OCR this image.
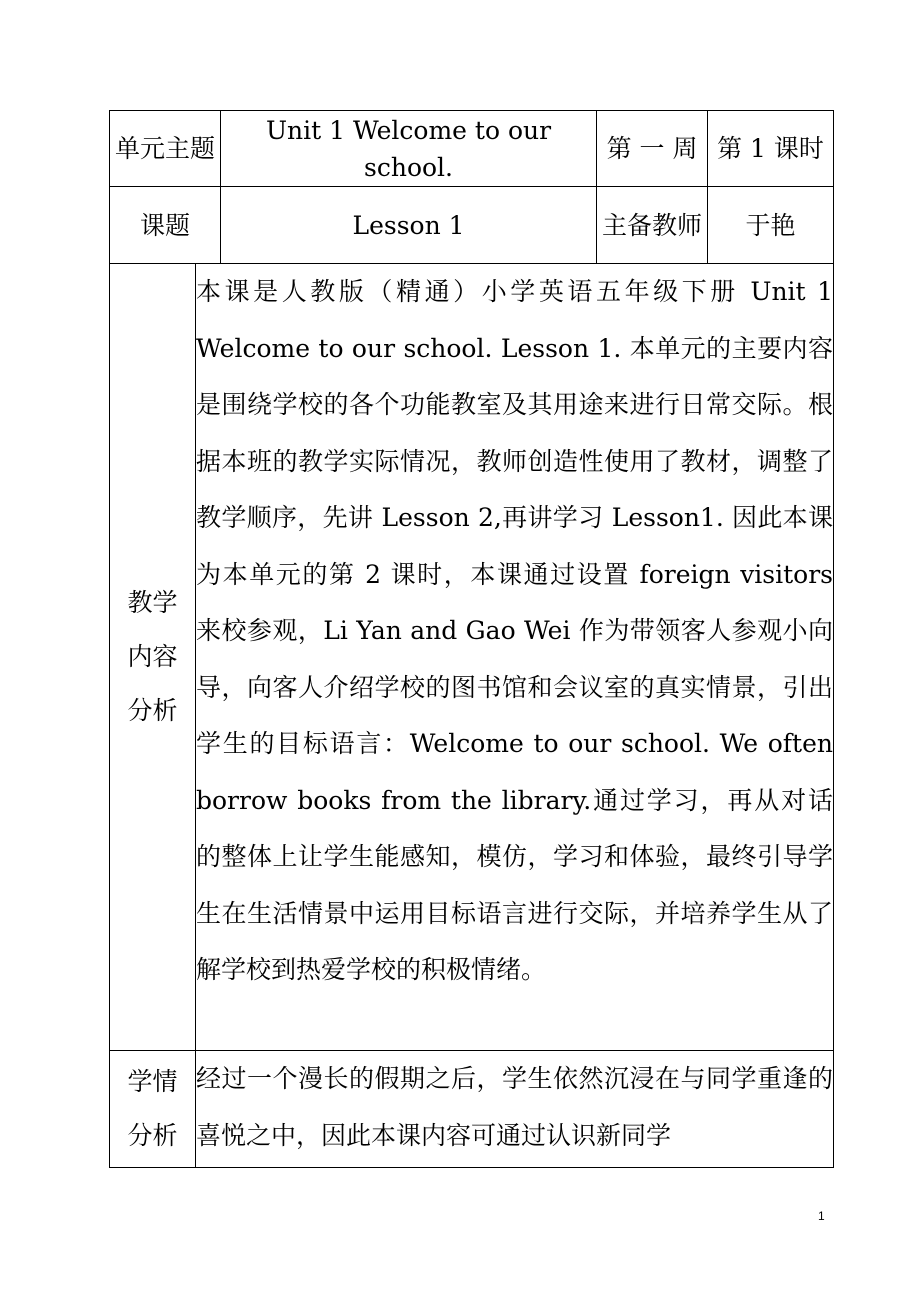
单元主题		Unit 1 Welcome to our school.	第 一 周	第 1 课时
课题		Lesson 1	主备教师	于艳
教学内容分析	本课是人教版（精通）小学英语五年级下册 Unit 1 Welcome to our school. Lesson 1. 本单元的主要内容是围绕学校的各个功能教室及其用途来进行日常交际。根据本班的教学实际情况，教师创造性使用了教材，调整了教学顺序，先讲 Lesson 2,再讲学习 Lesson1. 因此本课为本单元的第 2 课时，本课通过设置 foreign visitors 来校参观，Li Yan and Gao Wei 作为带领客人参观小向导，向客人介绍学校的图书馆和会议室的真实情景，引出学生的目标语言：Welcome to our school. We often borrow books from the library.通过学习，再从对话的整体上让学生能感知，模仿，学习和体验，最终引导学生在生活情景中运用目标语言进行交际，并培养学生从了解学校到热爱学校的积极情绪。			
学情分析	经过一个漫长的假期之后，学生依然沉浸在与同学重逢的喜悦之中，因此本课内容可通过认识新同学			
1
